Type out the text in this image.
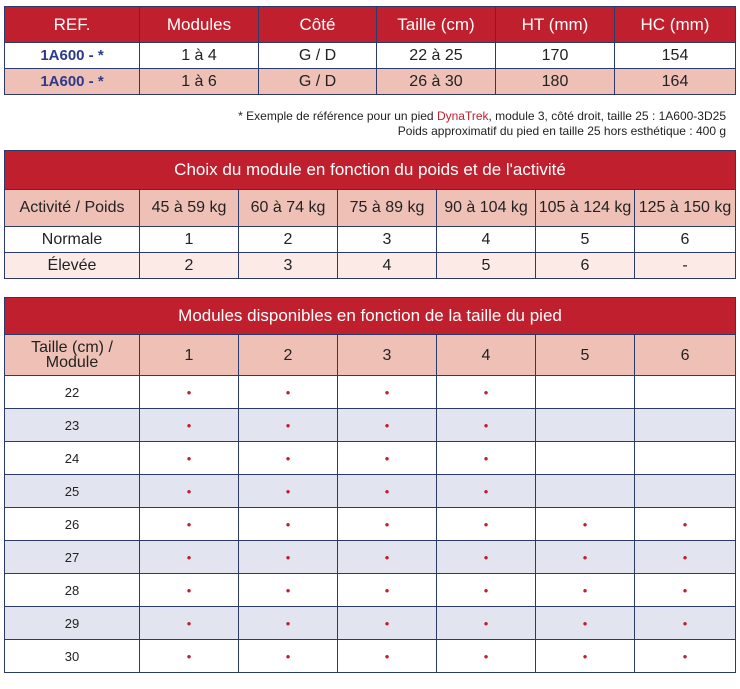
REF.	Modules	Côté	Taille (cm)	HT (mm)	HC (mm)
1A600 - *	1 à 4	G / D	22 à 25	170	154
1A600 - *	1 à 6	G / D	26 à 30	180	164
* Exemple de référence pour un pied DynaTrek, module 3, côté droit, taille 25 : 1A600-3D25
Poids approximatif du pied en taille 25 hors esthétique : 400 g
Choix du module en fonction du poids et de l'activité						
Activité / Poids	45 à 59 kg	60 à 74 kg	75 à 89 kg	90 à 104 kg	105 à 124 kg	125 à 150 kg
Normale	1	2	3	4	5	6
Élevée	2	3	4	5	6	-
Modules disponibles en fonction de la taille du pied						
Taille (cm) / Module	1	2	3	4	5	6
22	•	•	•	•		
23	•	•	•	•		
24	•	•	•	•		
25	•	•	•	•		
26	•	•	•	•	•	•
27	•	•	•	•	•	•
28	•	•	•	•	•	•
29	•	•	•	•	•	•
30	•	•	•	•	•	•
